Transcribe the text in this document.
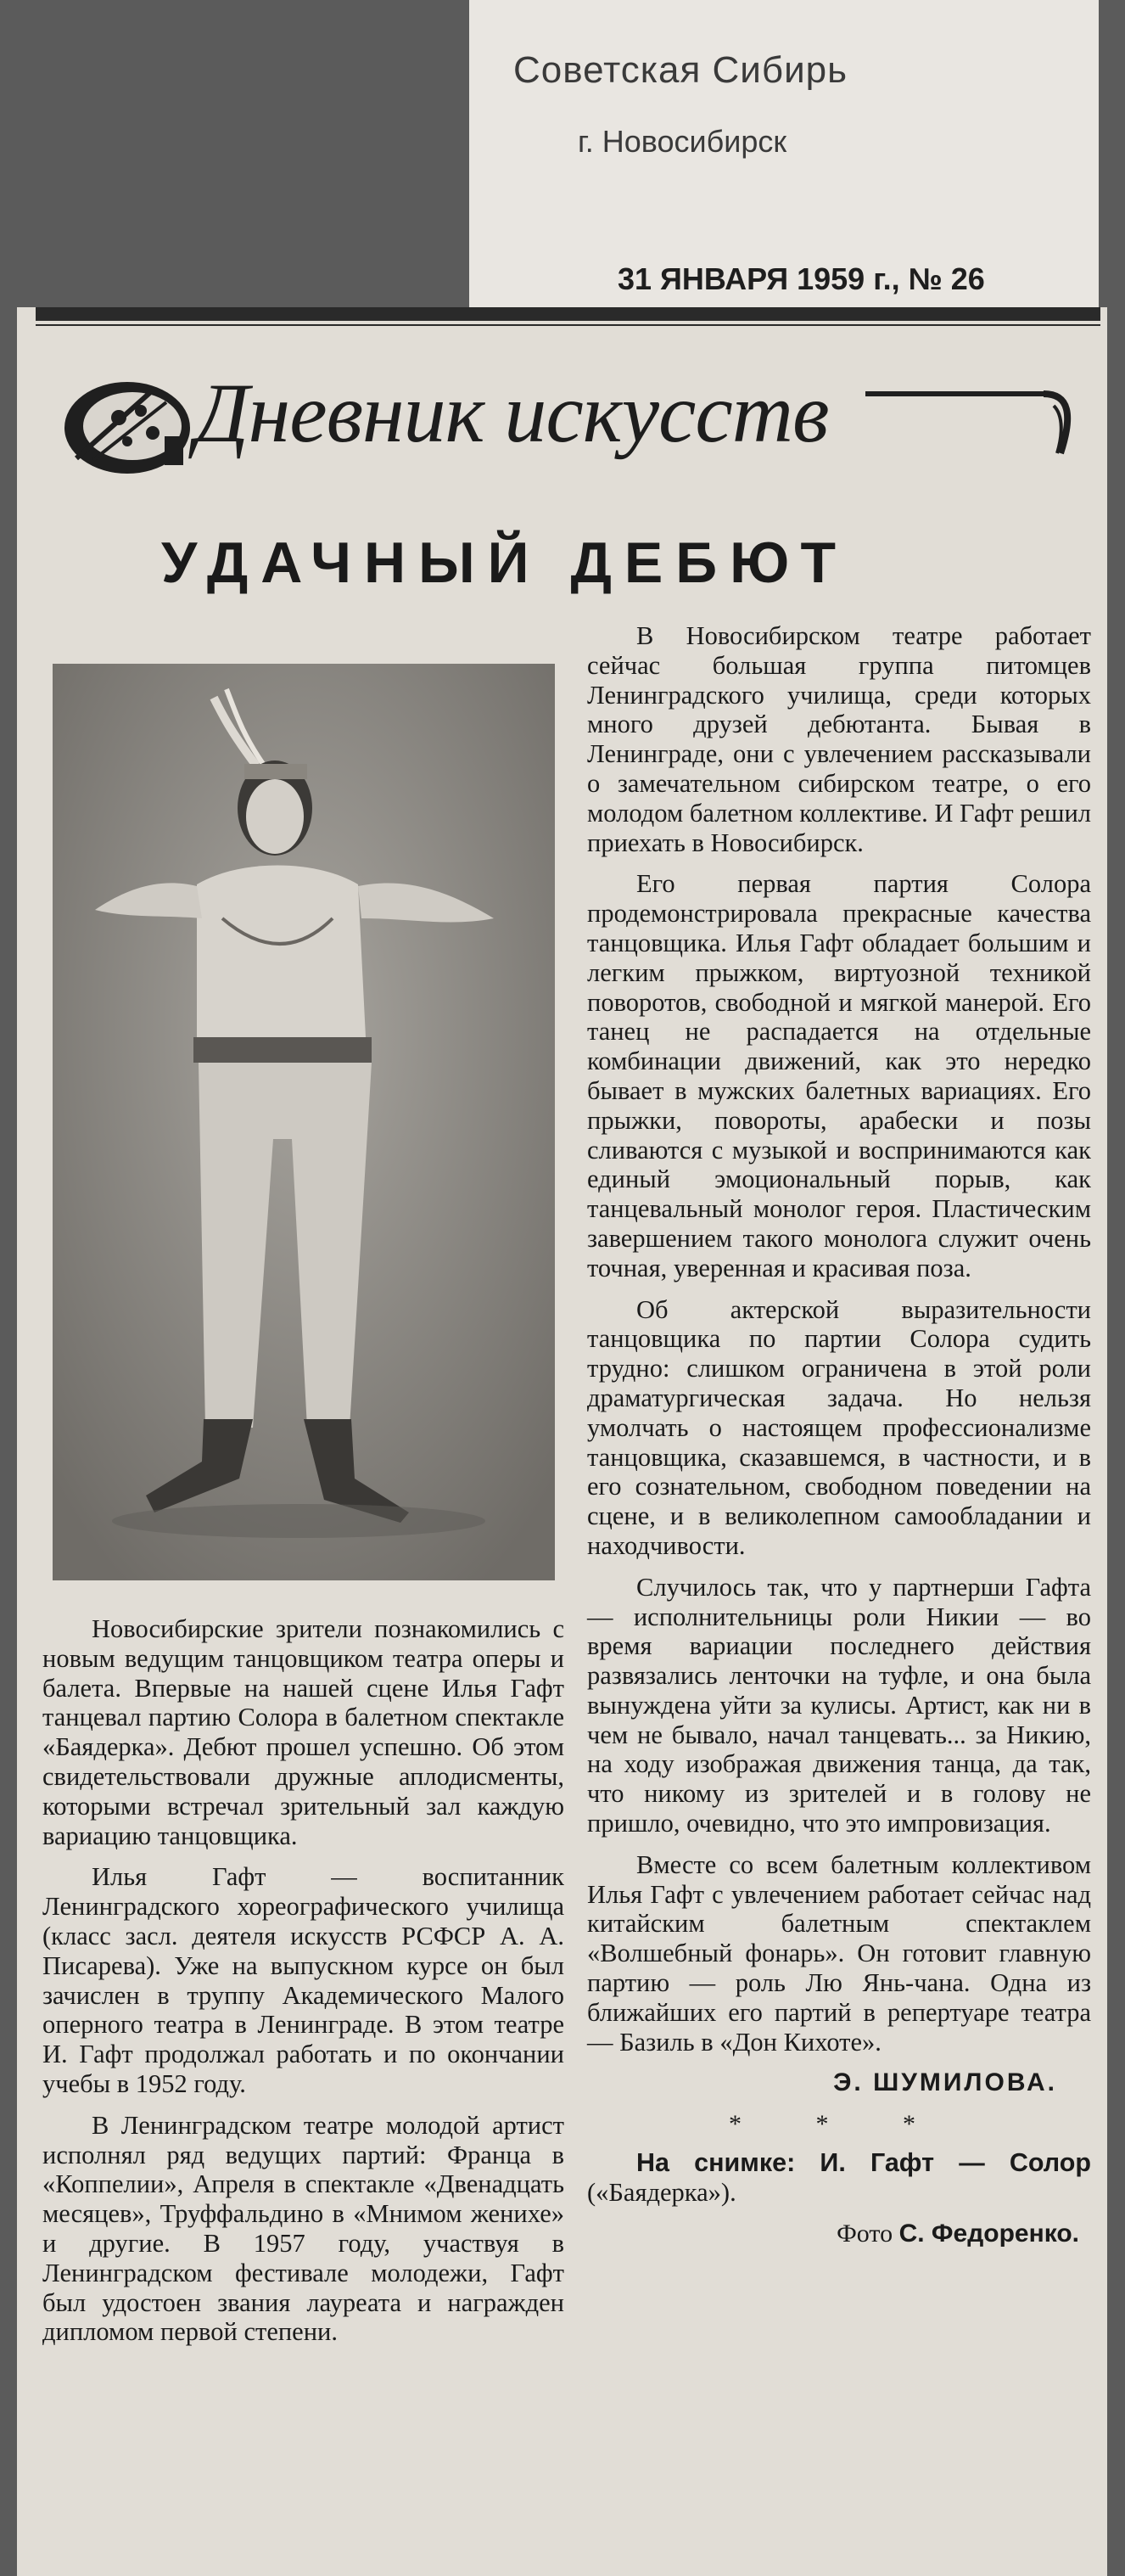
Советская Сибирь
г. Новосибирск
31 ЯНВАРЯ 1959 г., № 26
Дневник искусств
УДАЧНЫЙ ДЕБЮТ

Новосибирские зрители познакомились с новым ведущим танцовщиком театра оперы и балета. Впервые на нашей сцене Илья Гафт танцевал партию Солора в балетном спектакле «Баядерка». Дебют прошел успешно. Об этом свидетельствовали дружные аплодисменты, которыми встречал зрительный зал каждую вариацию танцовщика.

Илья Гафт — воспитанник Ленинградского хореографического училища (класс засл. деятеля искусств РСФСР А. А. Писарева). Уже на выпускном курсе он был зачислен в труппу Академического Малого оперного театра в Ленинграде. В этом театре И. Гафт продолжал работать и по окончании учебы в 1952 году.

В Ленинградском театре молодой артист исполнял ряд ведущих партий: Франца в «Коппелии», Апреля в спектакле «Двенадцать месяцев», Труффальдино в «Мнимом женихе» и другие. В 1957 году, участвуя в Ленинградском фестивале молодежи, Гафт был удостоен звания лауреата и награжден дипломом первой степени.

В Новосибирском театре работает сейчас большая группа питомцев Ленинградского училища, среди которых много друзей дебютанта. Бывая в Ленинграде, они с увлечением рассказывали о замечательном сибирском театре, о его молодом балетном коллективе. И Гафт решил приехать в Новосибирск.

Его первая партия Солора продемонстрировала прекрасные качества танцовщика. Илья Гафт обладает большим и легким прыжком, виртуозной техникой поворотов, свободной и мягкой манерой. Его танец не распадается на отдельные комбинации движений, как это нередко бывает в мужских балетных вариациях. Его прыжки, повороты, арабески и позы сливаются с музыкой и воспринимаются как единый эмоциональный порыв, как танцевальный монолог героя. Пластическим завершением такого монолога служит очень точная, уверенная и красивая поза.

Об актерской выразительности танцовщика по партии Солора судить трудно: слишком ограничена в этой роли драматургическая задача. Но нельзя умолчать о настоящем профессионализме танцовщика, сказавшемся, в частности, и в его сознательном, свободном поведении на сцене, и в великолепном самообладании и находчивости.

Случилось так, что у партнерши Гафта — исполнительницы роли Никии — во время вариации последнего действия развязались ленточки на туфле, и она была вынуждена уйти за кулисы. Артист, как ни в чем не бывало, начал танцевать... за Никию, на ходу изображая движения танца, да так, что никому из зрителей и в голову не пришло, очевидно, что это импровизация.

Вместе со всем балетным коллективом Илья Гафт с увлечением работает сейчас над китайским балетным спектаклем «Волшебный фонарь». Он готовит главную партию — роль Лю Янь-чана. Одна из ближайших его партий в репертуаре театра — Базиль в «Дон Кихоте».

Э. ШУМИЛОВА.
* * *

На снимке: И. Гафт — Солор («Баядерка»).

Фото С. Федоренко.
